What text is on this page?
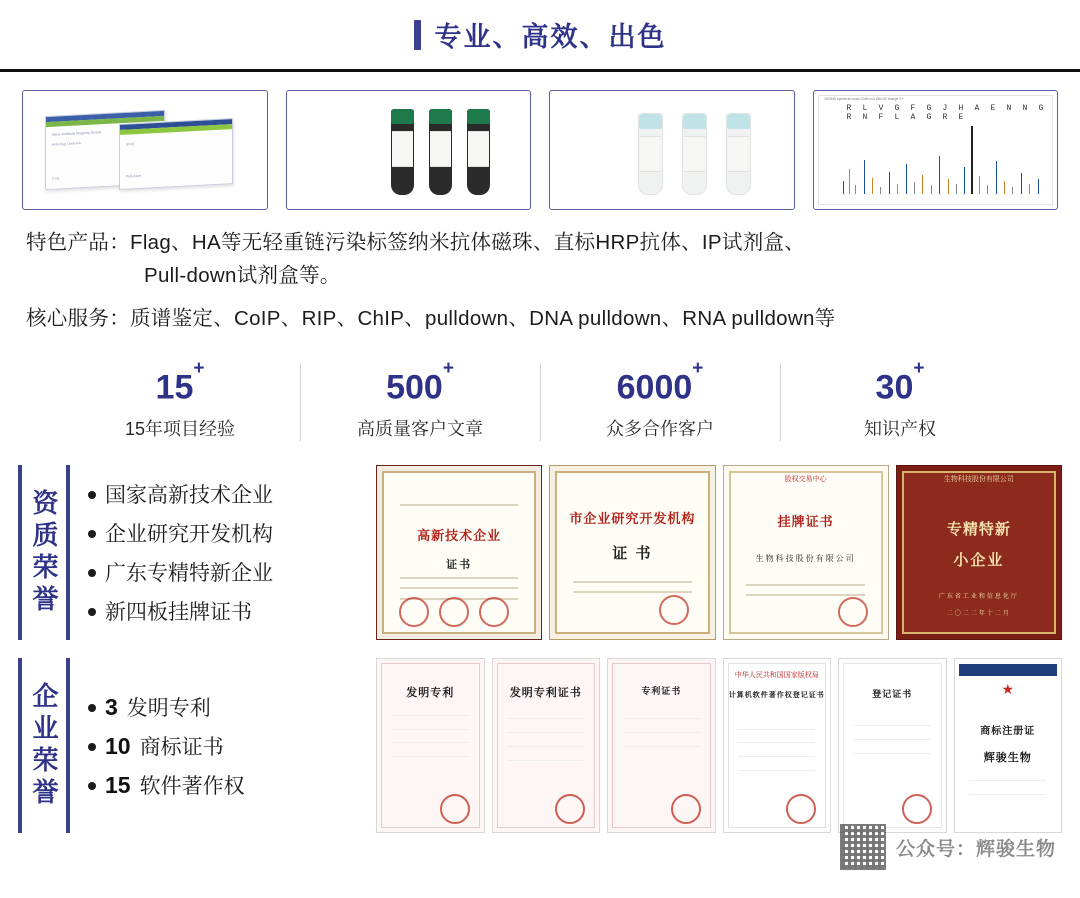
专业、高效、出色
Nano-Antibody Magnetic Beads
Anti-Flag / Anti-HA
2 mL
IP Kit
Pull-down
MS/MS spectrum scan 2046 m/z 684.32 charge 2+
R L V G F G J H A E N N G R N F L A G R E
特色产品：Flag、HA等无轻重链污染标签纳米抗体磁珠、直标HRP抗体、IP试剂盒、
Pull-down试剂盒等。
核心服务：质谱鉴定、CoIP、RIP、ChIP、pulldown、DNA pulldown、RNA pulldown等
15+
15年项目经验
500+
高质量客户文章
6000+
众多合作客户
30+
知识产权
资质荣誉 国家高新技术企业
企业研究开发机构
广东专精特新企业
新四板挂牌证书
高新技术企业
证书
市企业研究开发机构
证 书
股权交易中心
挂牌证书
生物科技股份有限公司
生物科技股份有限公司
专精特新
小企业
广东省工业和信息化厅
二〇二二年十二月
企业荣誉 3 发明专利
10 商标证书
15 软件著作权
发明专利	发明专利证书	专利证书
中华人民共和国国家版权局
计算机软件著作权登记证书	登记证书	★
商标注册证
辉骏生物
公众号：辉骏生物
